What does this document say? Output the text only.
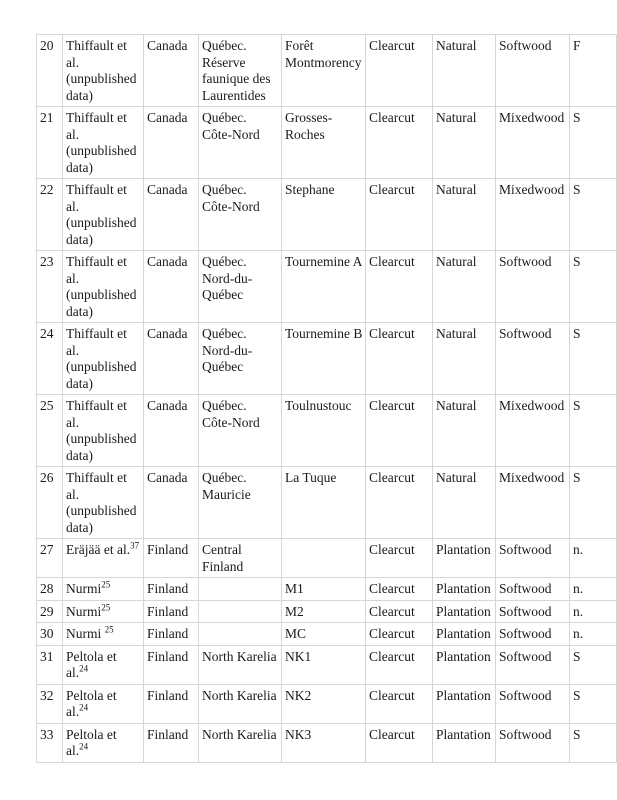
20	Thiffault et al. (unpublished data)	Canada	Québec. Réserve faunique des Laurentides	Forêt Montmorency	Clearcut	Natural	Softwood	F
21	Thiffault et al. (unpublished data)	Canada	Québec. Côte-Nord	Grosses-Roches	Clearcut	Natural	Mixedwood	S
22	Thiffault et al. (unpublished data)	Canada	Québec. Côte-Nord	Stephane	Clearcut	Natural	Mixedwood	S
23	Thiffault et al. (unpublished data)	Canada	Québec. Nord-du-Québec	Tournemine A	Clearcut	Natural	Softwood	S
24	Thiffault et al. (unpublished data)	Canada	Québec. Nord-du-Québec	Tournemine B	Clearcut	Natural	Softwood	S
25	Thiffault et al. (unpublished data)	Canada	Québec. Côte-Nord	Toulnustouc	Clearcut	Natural	Mixedwood	S
26	Thiffault et al. (unpublished data)	Canada	Québec. Mauricie	La Tuque	Clearcut	Natural	Mixedwood	S
27	Eräjää et al.$^{37}$	Finland	Central Finland		Clearcut	Plantation	Softwood	n.
28	Nurmi$^{25}$	Finland		M1	Clearcut	Plantation	Softwood	n.
29	Nurmi$^{25}$	Finland		M2	Clearcut	Plantation	Softwood	n.
30	Nurmi $^{25}$	Finland		MC	Clearcut	Plantation	Softwood	n.
31	Peltola et al.$^{24}$	Finland	North Karelia	NK1	Clearcut	Plantation	Softwood	S
32	Peltola et al.$^{24}$	Finland	North Karelia	NK2	Clearcut	Plantation	Softwood	S
33	Peltola et al.$^{24}$	Finland	North Karelia	NK3	Clearcut	Plantation	Softwood	S
